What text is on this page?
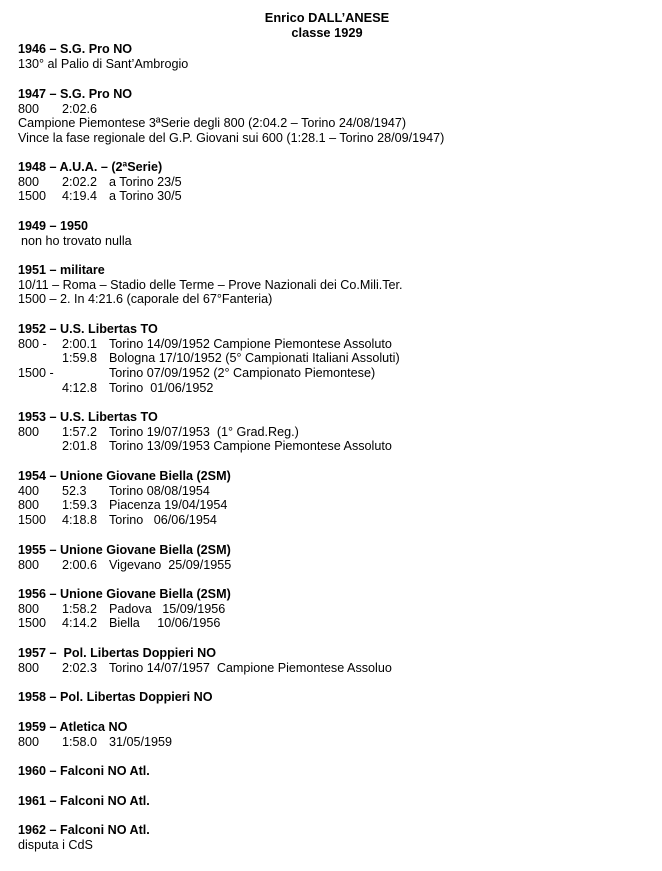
Enrico DALL’ANESE
classe 1929
1946 – S.G. Pro NO
130° al Palio di Sant’Ambrogio
1947 – S.G. Pro NO
800 2:02.6
Campione Piemontese 3ªSerie degli 800 (2:04.2 – Torino 24/08/1947)
Vince la fase regionale del G.P. Giovani sui 600 (1:28.1 – Torino 28/09/1947)
1948 – A.U.A. – (2ªSerie)
800 2:02.2 a Torino 23/5
1500 4:19.4 a Torino 30/5
1949 – 1950
non ho trovato nulla
1951 – militare
10/11 – Roma – Stadio delle Terme – Prove Nazionali dei Co.Mili.Ter.
1500 – 2. In 4:21.6 (caporale del 67°Fanteria)
1952 – U.S. Libertas TO
800 - 2:00.1 Torino 14/09/1952 Campione Piemontese Assoluto
1:59.8 Bologna 17/10/1952 (5° Campionati Italiani Assoluti)
1500 -	Torino 07/09/1952 (2° Campionato Piemontese)
4:12.8 Torino  01/06/1952
1953 – U.S. Libertas TO
800 1:57.2 Torino 19/07/1953  (1° Grad.Reg.)
2:01.8 Torino 13/09/1953 Campione Piemontese Assoluto
1954 – Unione Giovane Biella (2SM)
400 52.3 Torino 08/08/1954
800 1:59.3 Piacenza 19/04/1954
1500 4:18.8 Torino   06/06/1954
1955 – Unione Giovane Biella (2SM)
800 2:00.6 Vigevano  25/09/1955
1956 – Unione Giovane Biella (2SM)
800 1:58.2 Padova   15/09/1956
1500 4:14.2 Biella     10/06/1956
1957 –  Pol. Libertas Doppieri NO
800 2:02.3 Torino 14/07/1957  Campione Piemontese Assoluo
1958 – Pol. Libertas Doppieri NO
1959 – Atletica NO
800 1:58.0 31/05/1959
1960 – Falconi NO Atl.
1961 – Falconi NO Atl.
1962 – Falconi NO Atl.
disputa i CdS
